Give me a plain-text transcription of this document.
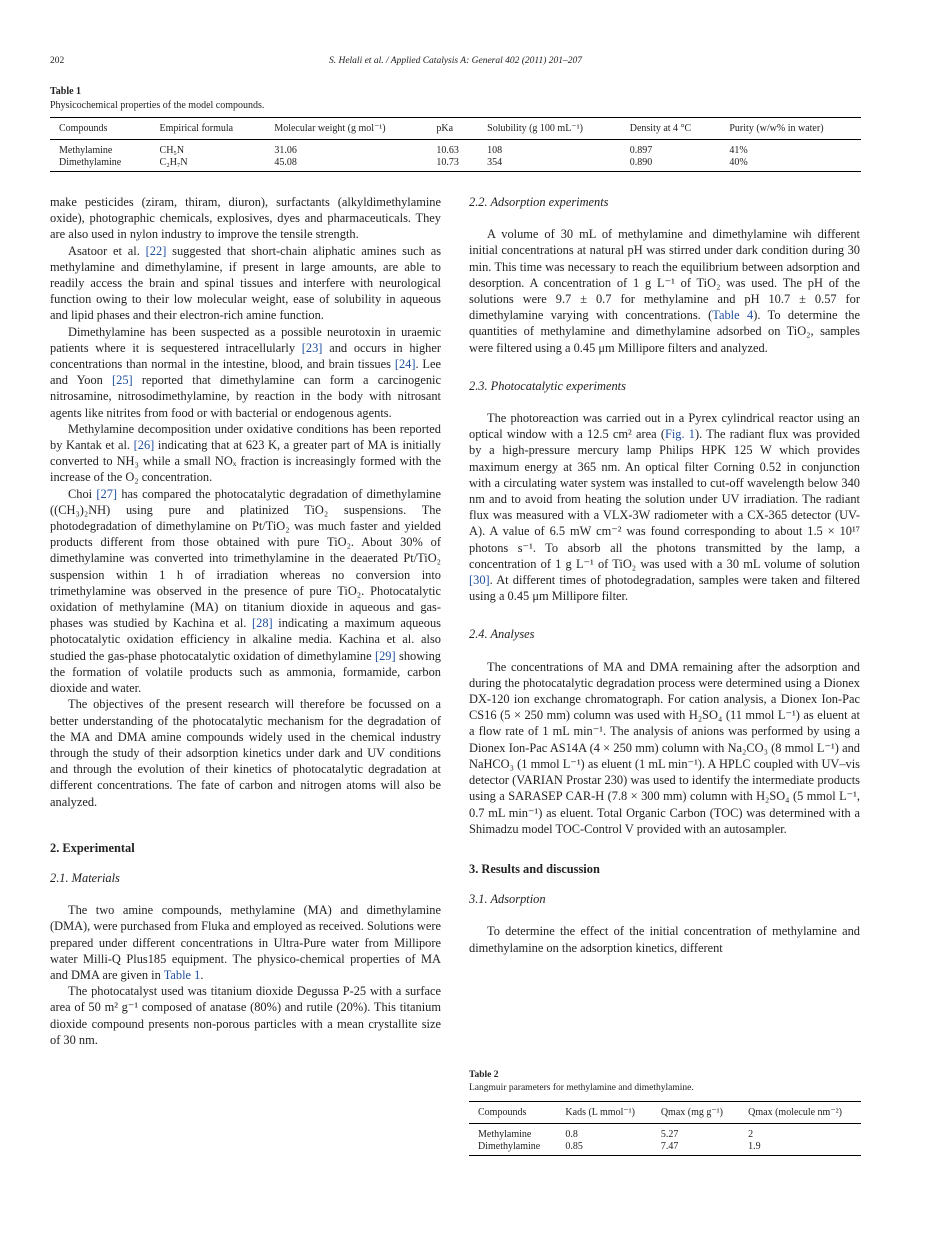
202	S. Helali et al. / Applied Catalysis A: General 402 (2011) 201–207
Table 1
Physicochemical properties of the model compounds.
Compounds	Empirical formula	Molecular weight (g mol⁻¹)	pKa	Solubility (g 100 mL⁻¹)	Density at 4 °C	Purity (w/w% in water)
Methylamine	CH₅N	31.06	10.63	108	0.897	41%
Dimethylamine	C₂H₇N	45.08	10.73	354	0.890	40%

make pesticides (ziram, thiram, diuron), surfactants (alkyldimethylamine oxide), photographic chemicals, explosives, dyes and pharmaceuticals. They are also used in nylon industry to improve the tensile strength.

Asatoor et al. [22] suggested that short-chain aliphatic amines such as methylamine and dimethylamine, if present in large amounts, are able to readily access the brain and spinal tissues and interfere with neurological function owing to their low molecular weight, ease of solubility in aqueous and lipid phases and their electron-rich amine function.

Dimethylamine has been suspected as a possible neurotoxin in uraemic patients where it is sequestered intracellularly [23] and occurs in higher concentrations than normal in the intestine, blood, and brain tissues [24]. Lee and Yoon [25] reported that dimethylamine can form a carcinogenic nitrosamine, nitrosodimethylamine, by reaction in the body with nitrosant agents like nitrites from food or with bacterial or endogenous agents.

Methylamine decomposition under oxidative conditions has been reported by Kantak et al. [26] indicating that at 623 K, a greater part of MA is initially converted to NH₃ while a small NOₓ fraction is increasingly formed with the increase of the O₂ concentration.

Choi [27] has compared the photocatalytic degradation of dimethylamine ((CH₃)₂NH) using pure and platinized TiO₂ suspensions. The photodegradation of dimethylamine on Pt/TiO₂ was much faster and yielded products different from those obtained with pure TiO₂. About 30% of dimethylamine was converted into trimethylamine in the deaerated Pt/TiO₂ suspension within 1 h of irradiation whereas no conversion into trimethylamine was observed in the presence of pure TiO₂. Photocatalytic oxidation of methylamine (MA) on titanium dioxide in aqueous and gas-phases was studied by Kachina et al. [28] indicating a maximum aqueous photocatalytic oxidation efficiency in alkaline media. Kachina et al. also studied the gas-phase photocatalytic oxidation of dimethylamine [29] showing the formation of volatile products such as ammonia, formamide, carbon dioxide and water.

The objectives of the present research will therefore be focussed on a better understanding of the photocatalytic mechanism for the degradation of the MA and DMA amine compounds widely used in the chemical industry through the study of their adsorption kinetics under dark and UV conditions and through the evolution of their kinetics of photocatalytic degradation at different concentrations. The fate of carbon and nitrogen atoms will also be analyzed.

2. Experimental
2.1. Materials

The two amine compounds, methylamine (MA) and dimethylamine (DMA), were purchased from Fluka and employed as received. Solutions were prepared under different concentrations in Ultra-Pure water from Millipore water Milli-Q Plus185 equipment. The physico-chemical properties of MA and DMA are given in Table 1.

The photocatalyst used was titanium dioxide Degussa P-25 with a surface area of 50 m² g⁻¹ composed of anatase (80%) and rutile (20%). This titanium dioxide compound presents non-porous particles with a mean crystallite size of 30 nm.

2.2. Adsorption experiments

A volume of 30 mL of methylamine and dimethylamine wih different initial concentrations at natural pH was stirred under dark condition during 30 min. This time was necessary to reach the equilibrium between adsorption and desorption. A concentration of 1 g L⁻¹ of TiO₂ was used. The pH of the solutions were 9.7 ± 0.7 for methylamine and pH 10.7 ± 0.57 for dimethylamine varying with concentrations. (Table 4). To determine the quantities of methylamine and dimethylamine adsorbed on TiO₂, samples were filtered using a 0.45 μm Millipore filters and analyzed.

2.3. Photocatalytic experiments

The photoreaction was carried out in a Pyrex cylindrical reactor using an optical window with a 12.5 cm² area (Fig. 1). The radiant flux was provided by a high-pressure mercury lamp Philips HPK 125 W which provides maximum energy at 365 nm. An optical filter Corning 0.52 in conjunction with a circulating water system was installed to cut-off wavelength below 340 nm and to avoid from heating the solution under UV irradiation. The radiant flux was measured with a VLX-3W radiometer with a CX-365 detector (UV-A). A value of 6.5 mW cm⁻² was found corresponding to about 1.5 × 10¹⁷ photons s⁻¹. To absorb all the photons transmitted by the lamp, a concentration of 1 g L⁻¹ of TiO₂ was used with a 30 mL volume of solution [30]. At different times of photodegradation, samples were taken and filtered using a 0.45 μm Millipore filter.

2.4. Analyses

The concentrations of MA and DMA remaining after the adsorption and during the photocatalytic degradation process were determined using a Dionex DX-120 ion exchange chromatograph. For cation analysis, a Dionex Ion-Pac CS16 (5 × 250 mm) column was used with H₂SO₄ (11 mmol L⁻¹) as eluent at a flow rate of 1 mL min⁻¹. The analysis of anions was performed by using a Dionex Ion-Pac AS14A (4 × 250 mm) column with Na₂CO₃ (8 mmol L⁻¹) and NaHCO₃ (1 mmol L⁻¹) as eluent (1 mL min⁻¹). A HPLC coupled with UV–vis detector (VARIAN Prostar 230) was used to identify the intermediate products using a SARASEP CAR-H (7.8 × 300 mm) column with H₂SO₄ (5 mmol L⁻¹, 0.7 mL min⁻¹) as eluent. Total Organic Carbon (TOC) was determined with a Shimadzu model TOC-Control V provided with an autosampler.

3. Results and discussion
3.1. Adsorption

To determine the effect of the initial concentration of methylamine and dimethylamine on the adsorption kinetics, different

Table 2
Langmuir parameters for methylamine and dimethylamine.
Compounds	Kads (L mmol⁻¹)	Qmax (mg g⁻¹)	Qmax (molecule nm⁻²)
Methylamine	0.8	5.27	2
Dimethylamine	0.85	7.47	1.9
